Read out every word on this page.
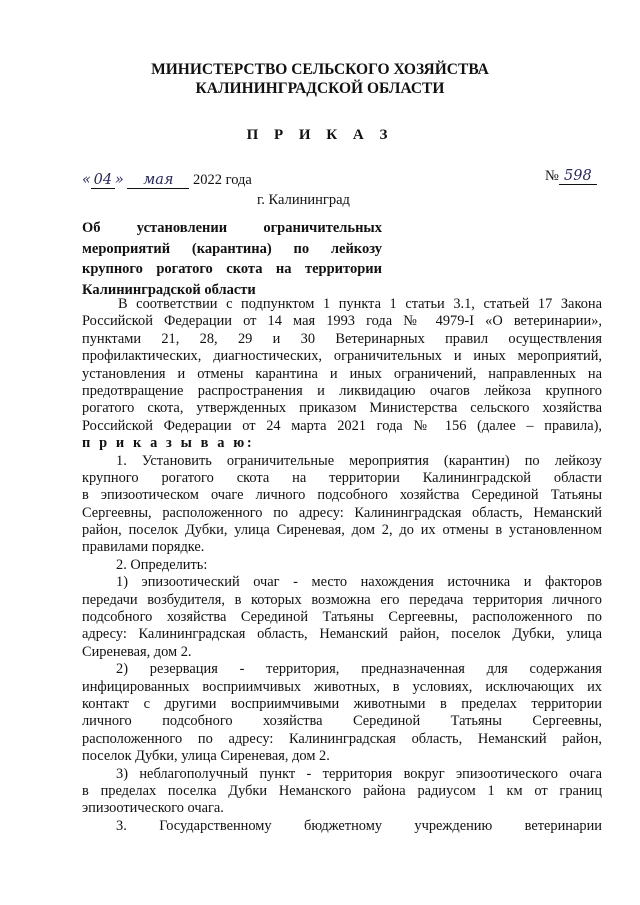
МИНИСТЕРСТВО СЕЛЬСКОГО ХОЗЯЙСТВА
КАЛИНИНГРАДСКОЙ ОБЛАСТИ
П Р И К А З
« 04 » мая 2022 года	№ 598
г. Калининград
Об установлении ограничительных
мероприятий (карантина) по лейкозу
крупного рогатого скота на территории
Калининградской области
В соответствии с подпунктом 1 пункта 1 статьи 3.1, статьей 17 Закона
Российской Федерации от 14 мая 1993 года № 4979-I «О ветеринарии»,
пунктами 21, 28, 29 и 30 Ветеринарных правил осуществления
профилактических, диагностических, ограничительных и иных мероприятий,
установления и отмены карантина и иных ограничений, направленных на
предотвращение распространения и ликвидацию очагов лейкоза крупного
рогатого скота, утвержденных приказом Министерства сельского хозяйства
Российской Федерации от 24 марта 2021 года № 156 (далее – правила),
п р и к а з ы в а ю:
1. Установить ограничительные мероприятия (карантин) по лейкозу
крупного рогатого скота на территории Калининградской области
в эпизоотическом очаге личного подсобного хозяйства Серединой Татьяны
Сергеевны, расположенного по адресу: Калининградская область, Неманский
район, поселок Дубки, улица Сиреневая, дом 2, до их отмены в установленном
правилами порядке.
2. Определить:
1) эпизоотический очаг - место нахождения источника и факторов
передачи возбудителя, в которых возможна его передача территория личного
подсобного хозяйства Серединой Татьяны Сергеевны, расположенного по
адресу: Калининградская область, Неманский район, поселок Дубки, улица
Сиреневая, дом 2.
2) резервация - территория, предназначенная для содержания
инфицированных восприимчивых животных, в условиях, исключающих их
контакт с другими восприимчивыми животными в пределах территории
личного подсобного хозяйства Серединой Татьяны Сергеевны,
расположенного по адресу: Калининградская область, Неманский район,
поселок Дубки, улица Сиреневая, дом 2.
3) неблагополучный пункт - территория вокруг эпизоотического очага
в пределах поселка Дубки Неманского района радиусом 1 км от границ
эпизоотического очага.
3. Государственному бюджетному учреждению ветеринарии
